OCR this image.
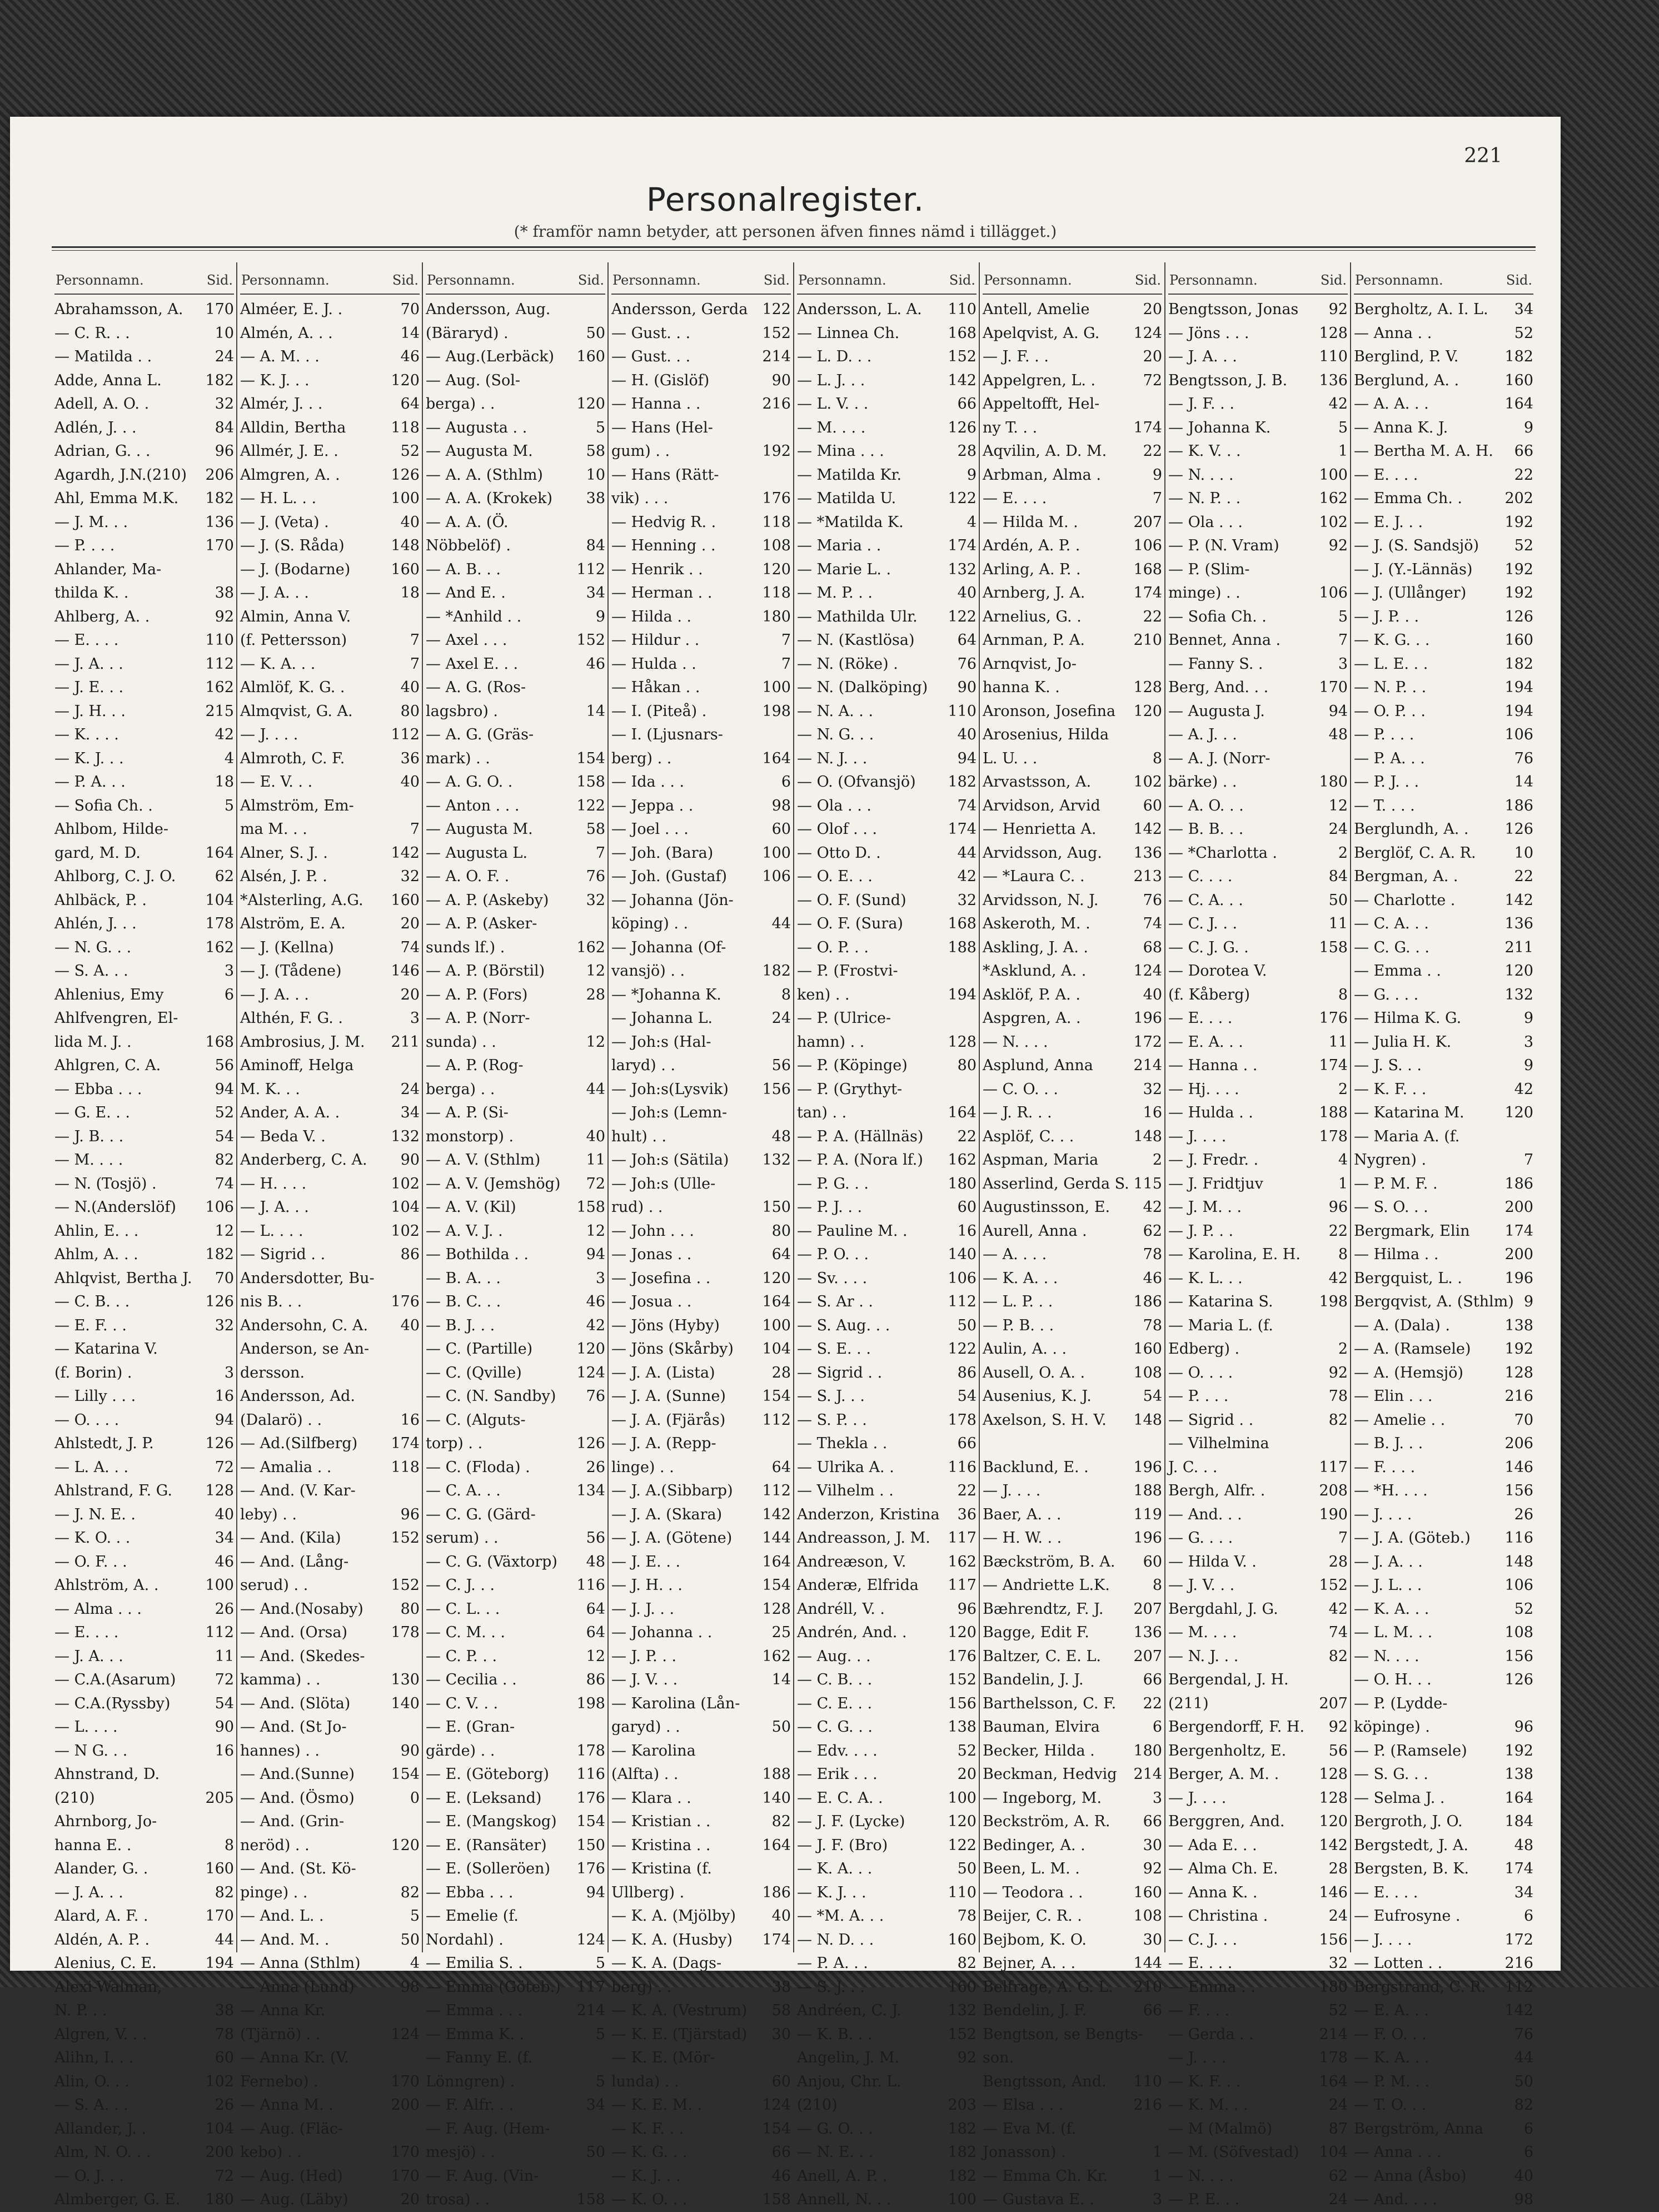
221
Personalregister.
(* framför namn betyder, att personen äfven finnes nämd i tillägget.)
Personnamn.	Sid.
Abrahamsson, A. 170
— C. R. . .	10
— Matilda . .	24
Adde, Anna L.	182
Adell, A. O. .	32
Adlén, J. . .	84
Adrian, G. . .	96
Agardh, J.N.(210) 206
Ahl, Emma M.K. 182
— J. M. . .	136
— P. . . .	170
Ahlander, Ma-
thilda K. .	38
Ahlberg, A. .	92
— E. . . .	110
— J. A. . .	112
— J. E. . .	162
— J. H. . .	215
— K. . . .	42
— K. J. . .	4
— P. A. . .	18
— Sofia Ch. .	5
Ahlbom, Hilde-
gard, M. D.	164
Ahlborg, C. J. O.	62
Ahlbäck, P. .	104
Ahlén, J. . .	178
— N. G. . .	162
— S. A. . .	3
Ahlenius, Emy	6
Ahlfvengren, El-
lida M. J. .	168
Ahlgren, C. A.	56
— Ebba . . .	94
— G. E. . .	52
— J. B. . .	54
— M. . . .	82
— N. (Tosjö) .	74
— N.(Anderslöf) 106
Ahlin, E. . .	12
Ahlm, A. . .	182
Ahlqvist, Bertha J. 70
— C. B. . .	126
— E. F. . .	32
— Katarina V.
(f. Borin) .	3
— Lilly . . .	16
— O. . . .	94
Ahlstedt, J. P.	126
— L. A. . .	72
Ahlstrand, F. G. 128
— J. N. E. .	40
— K. O. . .	34
— O. F. . .	46
Ahlström, A. .	100
— Alma . . .	26
— E. . . .	112
— J. A. . .	11
— C.A.(Asarum)	72
— C.A.(Ryssby)	54
— L. . . .	90
— N G. . .	16
Ahnstrand, D.
(210)	205
Ahrnborg, Jo-
hanna E. .	8
Alander, G. .	160
— J. A. . .	82
Alard, A. F. .	170
Aldén, A. P. .	44
Alenius, C. E.	194
Alexi-Walman,
N. P. . .	38
Algren, V. . .	78
Alihn, I. . .	60
Alin, O. . .	102
— S. A. . .	26
Allander, J. .	104
Alm, N. O. . .	200
— O. J. . .	72
Almberger, G. E. 180
Personnamn.	Sid.
Alméer, E. J. .	70
Almén, A. . .	14
— A. M. . .	46
— K. J. . .	120
Almér, J. . .	64
Alldin, Bertha	118
Allmér, J. E. .	52
Almgren, A. .	126
— H. L. . .	100
— J. (Veta) .	40
— J. (S. Råda)	148
— J. (Bodarne)	160
— J. A. . .	18
Almin, Anna V.
(f. Pettersson)	7
— K. A. . .	7
Almlöf, K. G. .	40
Almqvist, G. A.	80
— J. . . .	112
Almroth, C. F.	36
— E. V. . .	40
Almström, Em-
ma M. . .	7
Alner, S. J. .	142
Alsén, J. P. .	32
*Alsterling, A.G. 160
Alström, E. A.	20
— J. (Kellna)	74
— J. (Tådene)	146
— J. A. . .	20
Althén, F. G. .	3
Ambrosius, J. M. 211
Aminoff, Helga
M. K. . .	24
Ander, A. A. .	34
— Beda V. .	132
Anderberg, C. A. 90
— H. . . .	102
— J. A. . .	104
— L. . . .	102
— Sigrid . .	86
Andersdotter, Bu-
nis B. . .	176
Andersohn, C. A. 40
Anderson, se An-
dersson.
Andersson, Ad.
(Dalarö) . .	16
— Ad.(Silfberg) 174
— Amalia . .	118
— And. (V. Kar-
leby) . .	96
— And. (Kila)	152
— And. (Lång-
serud) . .	152
— And.(Nosaby) 80
— And. (Orsa)	178
— And. (Skedes-
kamma) . .	130
— And. (Slöta)	140
— And. (St Jo-
hannes) . .	90
— And.(Sunne) 154
— And. (Ösmo)	0
— And. (Grin-
neröd) . .	120
— And. (St. Kö-
pinge) . .	82
— And. L. .	5
— And. M. .	50
— Anna (Sthlm)	4
— Anna (Lund)	98
— Anna Kr.
(Tjärnö) . .	124
— Anna Kr. (V.
Fernebo) .	170
— Anna M. .	200
— Aug. (Fläc-
kebo) . .	170
— Aug. (Hed)	170
— Aug. (Läby)	20
Personnamn.	Sid.
Andersson, Aug.
(Bäraryd) .	50
— Aug.(Lerbäck) 160
— Aug. (Sol-
berga) . .	120
— Augusta . .	5
— Augusta M.	58
— A. A. (Sthlm)	10
— A. A. (Krokek) 38
— A. A. (Ö.
Nöbbelöf) .	84
— A. B. . .	112
— And E. .	34
— *Anhild . .	9
— Axel . . .	152
— Axel E. . .	46
— A. G. (Ros-
lagsbro) .	14
— A. G. (Gräs-
mark) . .	154
— A. G. O. .	158
— Anton . . .	122
— Augusta M.	58
— Augusta L.	7
— A. O. F. .	76
— A. P. (Askeby) 32
— A. P. (Asker-
sunds lf.) .	162
— A. P. (Börstil)	12
— A. P. (Fors)	28
— A. P. (Norr-
sunda) . .	12
— A. P. (Rog-
berga) . .	44
— A. P. (Si-
monstorp) .	40
— A. V. (Sthlm)	11
— A. V. (Jemshög) 72
— A. V. (Kil)	158
— A. V. J. .	12
— Bothilda . .	94
— B. A. . .	3
— B. C. . .	46
— B. J. . .	42
— C. (Partille)	120
— C. (Qville)	124
— C. (N. Sandby) 76
— C. (Alguts-
torp) . .	126
— C. (Floda) .	26
— C. A. . .	134
— C. G. (Gärd-
serum) . .	56
— C. G. (Växtorp) 48
— C. J. . .	116
— C. L. . .	64
— C. M. . .	64
— C. P. . .	12
— Cecilia . .	86
— C. V. . .	198
— E. (Gran-
gärde) . .	178
— E. (Göteborg) 116
— E. (Leksand) 176
— E. (Mangskog) 154
— E. (Ransäter) 150
— E. (Solleröen) 176
— Ebba . . .	94
— Emelie (f.
Nordahl) .	124
— Emilia S. .	5
— Emma (Göteb.) 117
— Emma . . .	214
— Emma K. .	5
— Fanny E. (f.
Lönngren) .	5
— F. Alfr. . .	34
— F. Aug. (Hem-
mesjö) . .	50
— F. Aug. (Vin-
trosa) . .	158
Personnamn.	Sid.
Andersson, Gerda 122
— Gust. . .	152
— Gust. . .	214
— H. (Gislöf)	90
— Hanna . .	216
— Hans (Hel-
gum) . .	192
— Hans (Rätt-
vik) . . .	176
— Hedvig R. .	118
— Henning . .	108
— Henrik . .	120
— Herman . .	118
— Hilda . .	180
— Hildur . .	7
— Hulda . .	7
— Håkan . .	100
— I. (Piteå) .	198
— I. (Ljusnars-
berg) . .	164
— Ida . . .	6
— Jeppa . .	98
— Joel . . .	60
— Joh. (Bara)	100
— Joh. (Gustaf) 106
— Johanna (Jön-
köping) . .	44
— Johanna (Of-
vansjö) . .	182
— *Johanna K.	8
— Johanna L.	24
— Joh:s (Hal-
laryd) . .	56
— Joh:s(Lysvik) 156
— Joh:s (Lemn-
hult) . .	48
— Joh:s (Sätila) 132
— Joh:s (Ulle-
rud) . .	150
— John . . .	80
— Jonas . .	64
— Josefina . .	120
— Josua . .	164
— Jöns (Hyby)	100
— Jöns (Skårby) 104
— J. A. (Lista)	28
— J. A. (Sunne) 154
— J. A. (Fjärås) 112
— J. A. (Repp-
linge) . .	64
— J. A.(Sibbarp) 112
— J. A. (Skara)	142
— J. A. (Götene) 144
— J. E. . .	164
— J. H. . .	154
— J. J. . .	128
— Johanna . .	25
— J. P. . .	162
— J. V. . .	14
— Karolina (Lån-
garyd) . .	50
— Karolina
(Alfta) . .	188
— Klara . .	140
— Kristian . .	82
— Kristina . .	164
— Kristina (f.
Ullberg) .	186
— K. A. (Mjölby) 40
— K. A. (Husby) 174
— K. A. (Dags-
berg) . .	38
— K. A. (Vestrum) 58
— K. E. (Tjärstad) 30
— K. E. (Mör-
lunda) . .	60
— K. E. M. .	124
— K. F. . .	154
— K. G. . .	66
— K. J. . .	46
— K. O. . .	158
Personnamn.	Sid.
Andersson, L. A. 110
— Linnea Ch.	168
— L. D. . .	152
— L. J. . .	142
— L. V. . .	66
— M. . . .	126
— Mina . . .	28
— Matilda Kr.	9
— Matilda U.	122
— *Matilda K.	4
— Maria . .	174
— Marie L. .	132
— M. P. . .	40
— Mathilda Ulr. 122
— N. (Kastlösa)	64
— N. (Röke) .	76
— N. (Dalköping) 90
— N. A. . .	110
— N. G. . .	40
— N. J. . .	94
— O. (Ofvansjö) 182
— Ola . . .	74
— Olof . . .	174
— Otto D. .	44
— O. E. . .	42
— O. F. (Sund)	32
— O. F. (Sura)	168
— O. P. . .	188
— P. (Frostvi-
ken) . .	194
— P. (Ulrice-
hamn) . .	128
— P. (Köpinge)	80
— P. (Grythyt-
tan) . .	164
— P. A. (Hällnäs) 22
— P. A. (Nora lf.) 162
— P. G. . .	180
— P. J. . .	60
— Pauline M. .	16
— P. O. . .	140
— Sv. . . .	106
— S. Ar . .	112
— S. Aug. . .	50
— S. E. . .	122
— Sigrid . .	86
— S. J. . .	54
— S. P. . .	178
— Thekla . .	66
— Ulrika A. .	116
— Vilhelm . .	22
Anderzon, Kristina 36
Andreasson, J. M. 117
Andreæson, V.	162
Anderæ, Elfrida 117
Andréll, V. .	96
Andrén, And. .	120
— Aug. . .	176
— C. B. . .	152
— C. E. . .	156
— C. G. . .	138
— Edv. . . .	52
— Erik . . .	20
— E. C. A. .	100
— J. F. (Lycke)	120
— J. F. (Bro)	122
— K. A. . .	50
— K. J. . .	110
— *M. A. . .	78
— N. D. . .	160
— P. A. . .	82
— S. J. . .	160
Andréen, C. J.	132
— K. B. . .	152
Angelin, J. M.	92
Anjou, Chr. L.
(210)	203
— G. O. . .	182
— N. E. . .	182
Anell, A. P. .	182
Annell, N. . .	100
Personnamn.	Sid.
Antell, Amelie	20
Apelqvist, A. G. 124
— J. F. . .	20
Appelgren, L. .	72
Appeltofft, Hel-
ny T. . .	174
Aqvilin, A. D. M. 22
Arbman, Alma .	9
— E. . . .	7
— Hilda M. .	207
Ardén, A. P. .	106
Arling, A. P. .	168
Arnberg, J. A.	174
Arnelius, G. .	22
Arnman, P. A.	210
Arnqvist, Jo-
hanna K. .	128
Aronson, Josefina 120
Arosenius, Hilda
L. U. . .	8
Arvastsson, A.	102
Arvidson, Arvid	60
— Henrietta A. 142
Arvidsson, Aug. 136
— *Laura C. .	213
Arvidsson, N. J.	76
Askeroth, M. .	74
Askling, J. A. .	68
*Asklund, A. .	124
Asklöf, P. A. .	40
Aspgren, A. .	196
— N. . . .	172
Asplund, Anna	214
— C. O. . .	32
— J. R. . .	16
Asplöf, C. . .	148
Aspman, Maria	2
Asserlind, Gerda S. 115
Augustinsson, E. 42
Aurell, Anna .	62
— A. . . .	78
— K. A. . .	46
— L. P. . .	186
— P. B. . .	78
Aulin, A. . .	160
Ausell, O. A. .	108
Ausenius, K. J.	54
Axelson, S. H. V. 148

Backlund, E. .	196
— J. . . .	188
Baer, A. . .	119
— H. W. . .	196
Bæckström, B. A. 60
— Andriette L.K.	8
Bæhrendtz, F. J. 207
Bagge, Edit F.	136
Baltzer, C. E. L. 207
Bandelin, J. J.	66
Barthelsson, C. F. 22
Bauman, Elvira	6
Becker, Hilda .	180
Beckman, Hedvig 214
— Ingeborg, M.	3
Beckström, A. R. 66
Bedinger, A. .	30
Been, L. M. .	92
— Teodora . .	160
Beijer, C. R. .	108
Bejbom, K. O.	30
Bejner, A. . .	144
Belfrage, A. G. L. 210
Bendelin, J. F.	66
Bengtson, se Bengts-
son.
Bengtsson, And. 110
— Elsa . . .	216
— Eva M. (f.
Jonasson) .	1
— Emma Ch. Kr.	1
— Gustava E. .	3
Personnamn.	Sid.
Bengtsson, Jonas 92
— Jöns . . .	128
— J. A. . .	110
Bengtsson, J. B. 136
— J. F. . .	42
— Johanna K.	5
— K. V. . .	1
— N. . . .	100
— N. P. . .	162
— Ola . . .	102
— P. (N. Vram)	92
— P. (Slim-
minge) . .	106
— Sofia Ch. .	5
Bennet, Anna .	7
— Fanny S. .	3
Berg, And. . .	170
— Augusta J.	94
— A. J. . .	48
— A. J. (Norr-
bärke) . .	180
— A. O. . .	12
— B. B. . .	24
— *Charlotta .	2
— C. . . .	84
— C. A. . .	50
— C. J. . .	11
— C. J. G. .	158
— Dorotea V.
(f. Kåberg)	8
— E. . . .	176
— E. A. . .	11
— Hanna . .	174
— Hj. . . .	2
— Hulda . .	188
— J. . . .	178
— J. Fredr. .	4
— J. Fridtjuv	1
— J. M. . .	96
— J. P. . .	22
— Karolina, E. H.	8
— K. L. . .	42
— Katarina S.	198
— Maria L. (f.
Edberg) .	2
— O. . . .	92
— P. . . .	78
— Sigrid . .	82
— Vilhelmina
J. C. . .	117
Bergh, Alfr. .	208
— And. . .	190
— G. . . .	7
— Hilda V. .	28
— J. V. . .	152
Bergdahl, J. G.	42
— M. . . .	74
— N. J. . .	82
Bergendal, J. H.
(211)	207
Bergendorff, F. H. 92
Bergenholtz, E.	56
Berger, A. M. .	128
— J. . . .	128
Berggren, And. 120
— Ada E. . .	142
— Alma Ch. E.	28
— Anna K. .	146
— Christina .	24
— C. J. . .	156
— E. . . .	32
— Emma . .	180
— F. . . .	52
— Gerda . .	214
— J. . . .	178
— K. F. . .	164
— K. M. . .	24
— M (Malmö)	87
— M. (Söfvestad) 104
— N. . . .	62
— P. E. . .	24
Personnamn.	Sid.
Bergholtz, A. I. L. 34
— Anna . .	52
Berglind, P. V.	182
Berglund, A. .	160
— A. A. . .	164
— Anna K. J.	9
— Bertha M. A. H. 66
— E. . . .	22
— Emma Ch. .	202
— E. J. . .	192
— J. (S. Sandsjö) 52
— J. (Y.-Lännäs) 192
— J. (Ullånger)	192
— J. P. . .	126
— K. G. . .	160
— L. E. . .	182
— N. P. . .	194
— O. P. . .	194
— P. . . .	106
— P. A. . .	76
— P. J. . .	14
— T. . . .	186
Berglundh, A. . 126
Berglöf, C. A. R.	10
Bergman, A. .	22
— Charlotte .	142
— C. A. . .	136
— C. G. . .	211
— Emma . .	120
— G. . . .	132
— Hilma K. G.	9
— Julia H. K.	3
— J. S. . .	9
— K. F. . .	42
— Katarina M.	120
— Maria A. (f.
Nygren) .	7
— P. M. F. .	186
— S. O. . .	200
Bergmark, Elin 174
— Hilma . .	200
Bergquist, L. .	196
Bergqvist, A. (Sthlm) 9
— A. (Dala) .	138
— A. (Ramsele) 192
— A. (Hemsjö)	128
— Elin . . .	216
— Amelie . .	70
— B. J. . .	206
— F. . . .	146
— *H. . . .	156
— J. . . .	26
— J. A. (Göteb.) 116
— J. A. . .	148
— J. L. . .	106
— K. A. . .	52
— L. M. . .	108
— N. . . .	156
— O. H. . .	126
— P. (Lydde-
köpinge) .	96
— P. (Ramsele)	192
— S. G. . .	138
— Selma J. .	164
Bergroth, J. O.	184
Bergstedt, J. A.	48
Bergsten, B. K. 174
— E. . . .	34
— Eufrosyne .	6
— J. . . .	172
— Lotten . .	216
Bergstrand, C. R. 112
— E. A. . .	142
— F. O. . .	76
— K. A. . .	44
— P. M. . .	50
— T. O. . .	82
Bergström, Anna	6
— Anna . . .	6
— Anna (Åsbo)	40
— And. . . .	98
